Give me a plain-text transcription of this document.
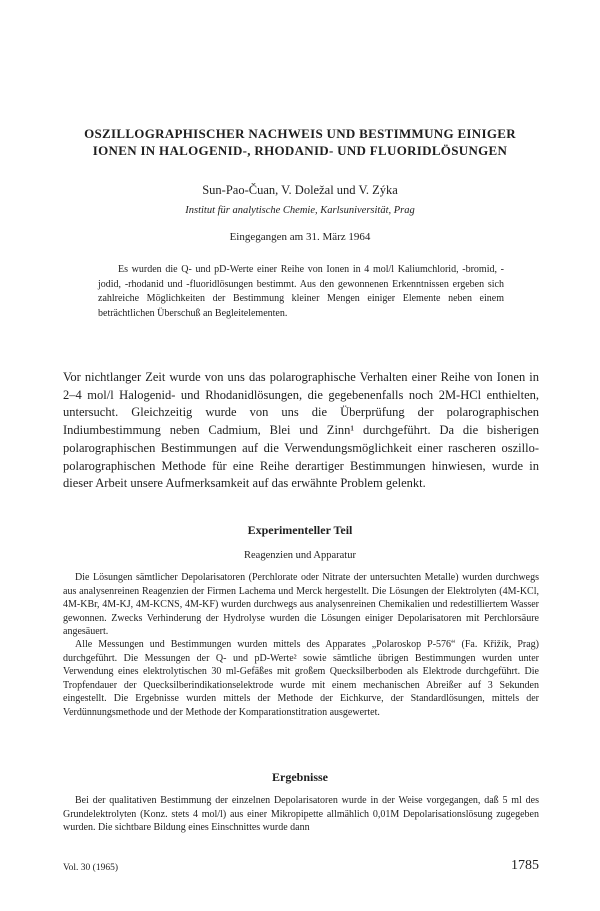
OSZILLOGRAPHISCHER NACHWEIS UND BESTIMMUNG EINIGER
IONEN IN HALOGENID-, RHODANID- UND FLUORIDLÖSUNGEN
Sun-Pao-Čuan, V. Doležal und V. Zýka
Institut für analytische Chemie, Karlsuniversität, Prag
Eingegangen am 31. März 1964

Es wurden die Q- und pD-Werte einer Reihe von Ionen in 4 mol/l Kaliumchlorid, -bromid, -jodid, -rhodanid und -fluoridlösungen bestimmt. Aus den gewonnenen Erkenntnissen ergeben sich zahlreiche Möglichkeiten der Bestimmung kleiner Mengen einiger Elemente neben einem beträchtlichen Überschuß an Begleitelementen.

Vor nichtlanger Zeit wurde von uns das polarographische Verhalten einer Reihe von Ionen in 2–4 mol/l Halogenid- und Rhodanidlösungen, die gegebenenfalls noch 2M-HCl enthielten, untersucht. Gleichzeitig wurde von uns die Überprüfung der polarographischen Indiumbestimmung neben Cadmium, Blei und Zinn¹ durchgeführt. Da die bisherigen polarographischen Bestimmungen auf die Verwendungsmöglichkeit einer rascheren oszillo-polarographischen Methode für eine Reihe derartiger Bestimmungen hinwiesen, wurde in dieser Arbeit unsere Aufmerksamkeit auf das erwähnte Problem gelenkt.

Experimenteller Teil
Reagenzien und Apparatur

Die Lösungen sämtlicher Depolarisatoren (Perchlorate oder Nitrate der untersuchten Metalle) wurden durchwegs aus analysenreinen Reagenzien der Firmen Lachema und Merck hergestellt. Die Lösungen der Elektrolyten (4M-KCl, 4M-KBr, 4M-KJ, 4M-KCNS, 4M-KF) wurden durchwegs aus analysenreinen Chemikalien und redestilliertem Wasser gewonnen. Zwecks Verhinderung der Hydrolyse wurden die Lösungen einiger Depolarisatoren mit Perchlorsäure angesäuert.

Alle Messungen und Bestimmungen wurden mittels des Apparates „Polaroskop P-576“ (Fa. Křižík, Prag) durchgeführt. Die Messungen der Q- und pD-Werte² sowie sämtliche übrigen Bestimmungen wurden unter Verwendung eines elektrolytischen 30 ml-Gefäßes mit großem Quecksilberboden als Elektrode durchgeführt. Die Tropfendauer der Quecksilberindikationselektrode wurde mit einem mechanischen Abreißer auf 3 Sekunden eingestellt. Die Ergebnisse wurden mittels der Methode der Eichkurve, der Standardlösungen, mittels der Verdünnungsmethode und der Methode der Komparationstitration ausgewertet.

Ergebnisse

Bei der qualitativen Bestimmung der einzelnen Depolarisatoren wurde in der Weise vorgegangen, daß 5 ml des Grundelektrolyten (Konz. stets 4 mol/l) aus einer Mikropipette allmählich 0,01M Depolarisationslösung zugegeben wurden. Die sichtbare Bildung eines Einschnittes wurde dann

Vol. 30 (1965)	1785
